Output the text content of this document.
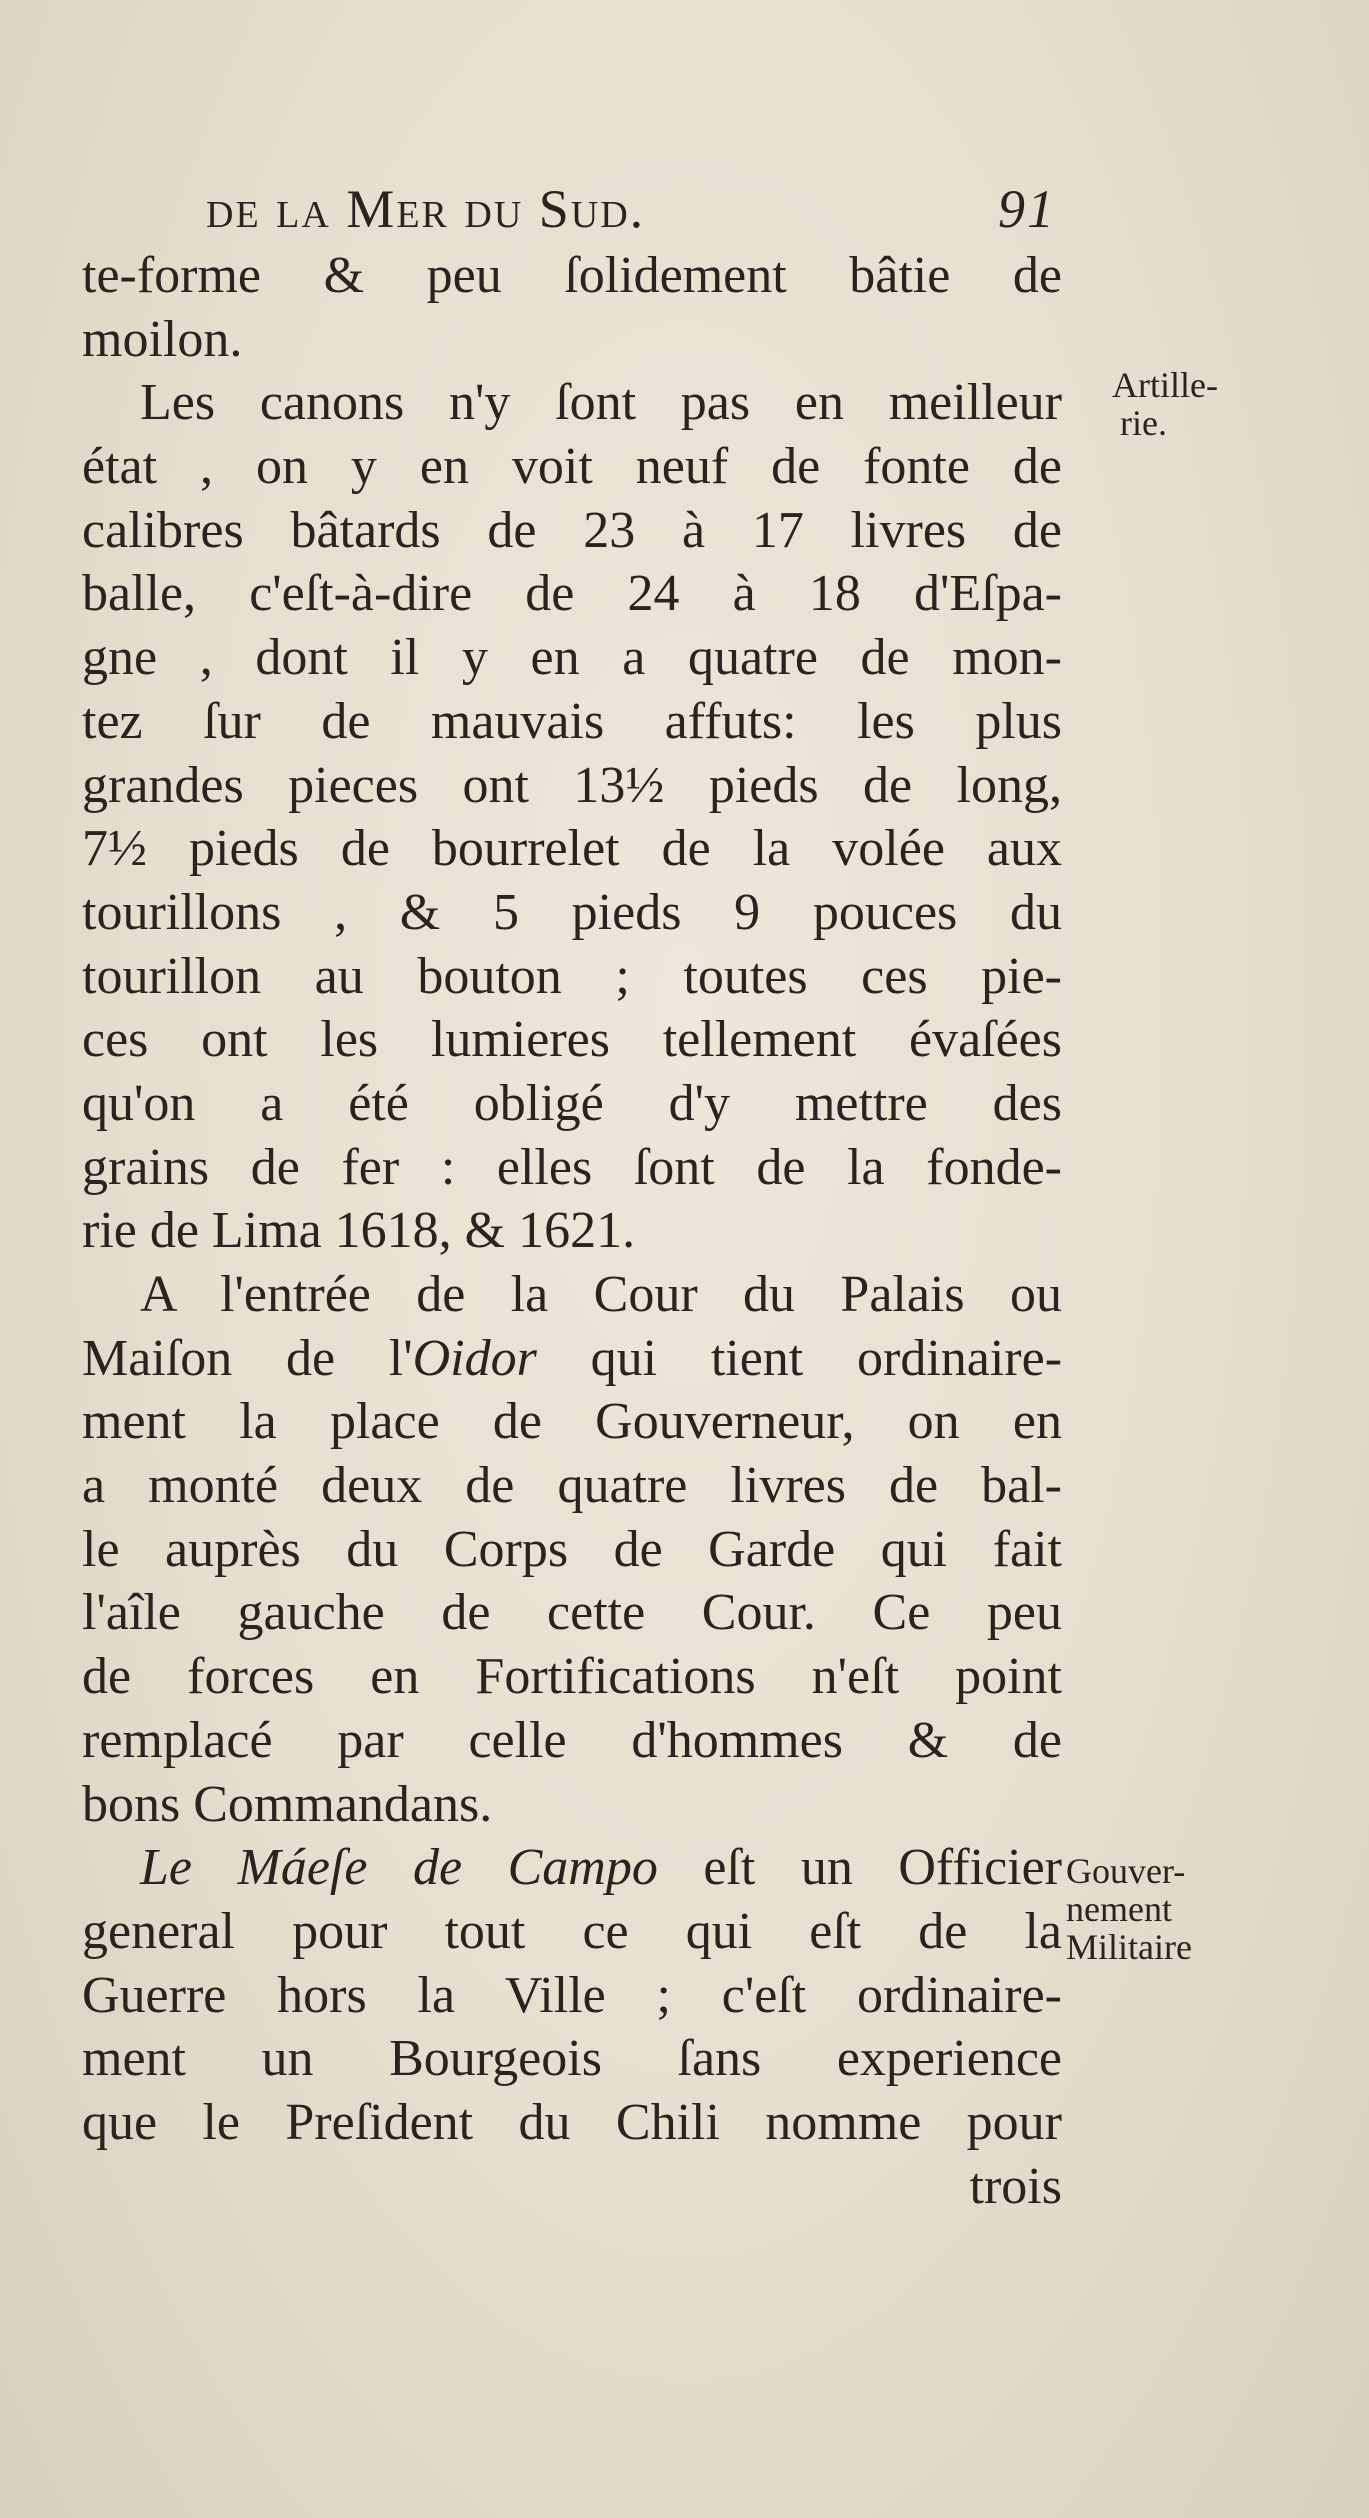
de la Mer du Sud.	91
te-forme & peu ſolidement bâtie de
moilon.
Les canons n'y ſont pas en meilleur
état , on y en voit neuf de fonte de
calibres bâtards de 23 à 17 livres de
balle, c'eſt-à-dire de 24 à 18 d'Eſpa-
gne , dont il y en a quatre de mon-
tez ſur de mauvais affuts: les plus
grandes pieces ont 13½ pieds de long,
7½ pieds de bourrelet de la volée aux
tourillons , & 5 pieds 9 pouces du
tourillon au bouton ; toutes ces pie-
ces ont les lumieres tellement évaſées
qu'on a été obligé d'y mettre des
grains de fer : elles ſont de la fonde-
rie de Lima 1618, & 1621.
A l'entrée de la Cour du Palais ou
Maiſon de l'Oidor qui tient ordinaire-
ment la place de Gouverneur, on en
a monté deux de quatre livres de bal-
le auprès du Corps de Garde qui fait
l'aîle gauche de cette Cour. Ce peu
de forces en Fortifications n'eſt point
remplacé par celle d'hommes & de
bons Commandans.
Le Máeſe de Campo eſt un Officier
general pour tout ce qui eſt de la
Guerre hors la Ville ; c'eſt ordinaire-
ment un Bourgeois ſans experience
que le Preſident du Chili nomme pour
trois
Artille-
rie.
Gouver-
nement
Militaire
